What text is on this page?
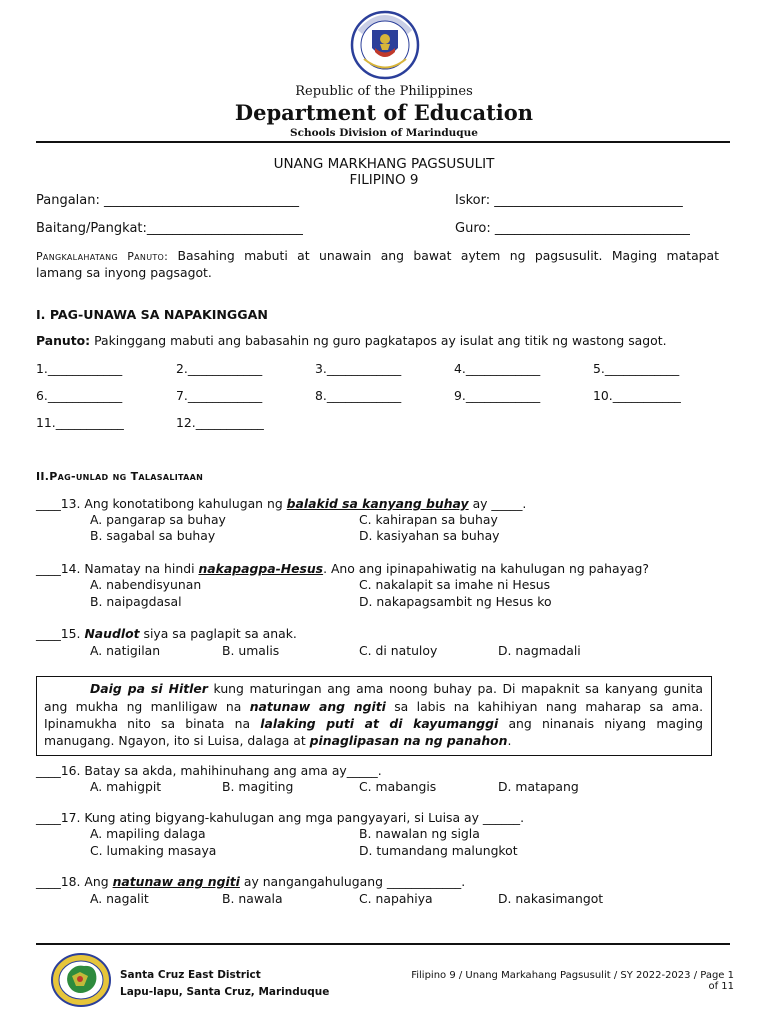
Republic of the Philippines
Department of Education
Schools Division of Marinduque
UNANG MARKHANG PAGSUSULIT
FILIPINO 9
Pangalan: ______________________________	Iskor: _____________________________
Baitang/Pangkat:________________________	Guro: ______________________________
Pangkalahatang Panuto: Basahing mabuti at unawain ang bawat aytem ng pagsusulit. Maging matapat
lamang sa inyong pagsagot.
I. PAG-UNAWA SA NAPAKINGGAN
Panuto: Pakinggang mabuti ang babasahin ng guro pagkatapos ay isulat ang titik ng wastong sagot.
1.____________	2.____________	3.____________	4.____________	5.____________
6.____________	7.____________	8.____________	9.____________	10.___________
11.___________	12.___________
II.Pag-unlad ng Talasalitaan
____13. Ang konotatibong kahulugan ng balakid sa kanyang buhay ay _____.
A. pangarap sa buhay	C. kahirapan sa buhay
B. sagabal sa buhay	D. kasiyahan sa buhay
____14. Namatay na hindi nakapagpa-Hesus. Ano ang ipinapahiwatig na kahulugan ng pahayag?
A. nabendisyunan	C. nakalapit sa imahe ni Hesus
B. naipagdasal	D. nakapagsambit ng Hesus ko
____15. Naudlot siya sa paglapit sa anak.
A. natigilan	B. umalis	C. di natuloy	D. nagmadali
Daig pa si Hitler kung maturingan ang ama noong buhay pa. Di mapaknit sa kanyang gunita
ang mukha ng manliligaw na natunaw ang ngiti sa labis na kahihiyan nang maharap sa ama.
Ipinamukha nito sa binata na lalaking puti at di kayumanggi ang ninanais niyang maging
manugang. Ngayon, ito si Luisa, dalaga at pinaglipasan na ng panahon.
____16. Batay sa akda, mahihinuhang ang ama ay_____.
A. mahigpit	B. magiting	C. mabangis	D. matapang
____17. Kung ating bigyang-kahulugan ang mga pangyayari, si Luisa ay ______.
A. mapiling dalaga	B. nawalan ng sigla
C. lumaking masaya	D. tumandang malungkot
____18. Ang natunaw ang ngiti ay nangangahulugang ____________.
A. nagalit	B. nawala	C. napahiya	D. nakasimangot
Santa Cruz East District
Lapu-lapu, Santa Cruz, Marinduque
Filipino 9 / Unang Markahang Pagsusulit / SY 2022-2023 / Page 1 of 11
